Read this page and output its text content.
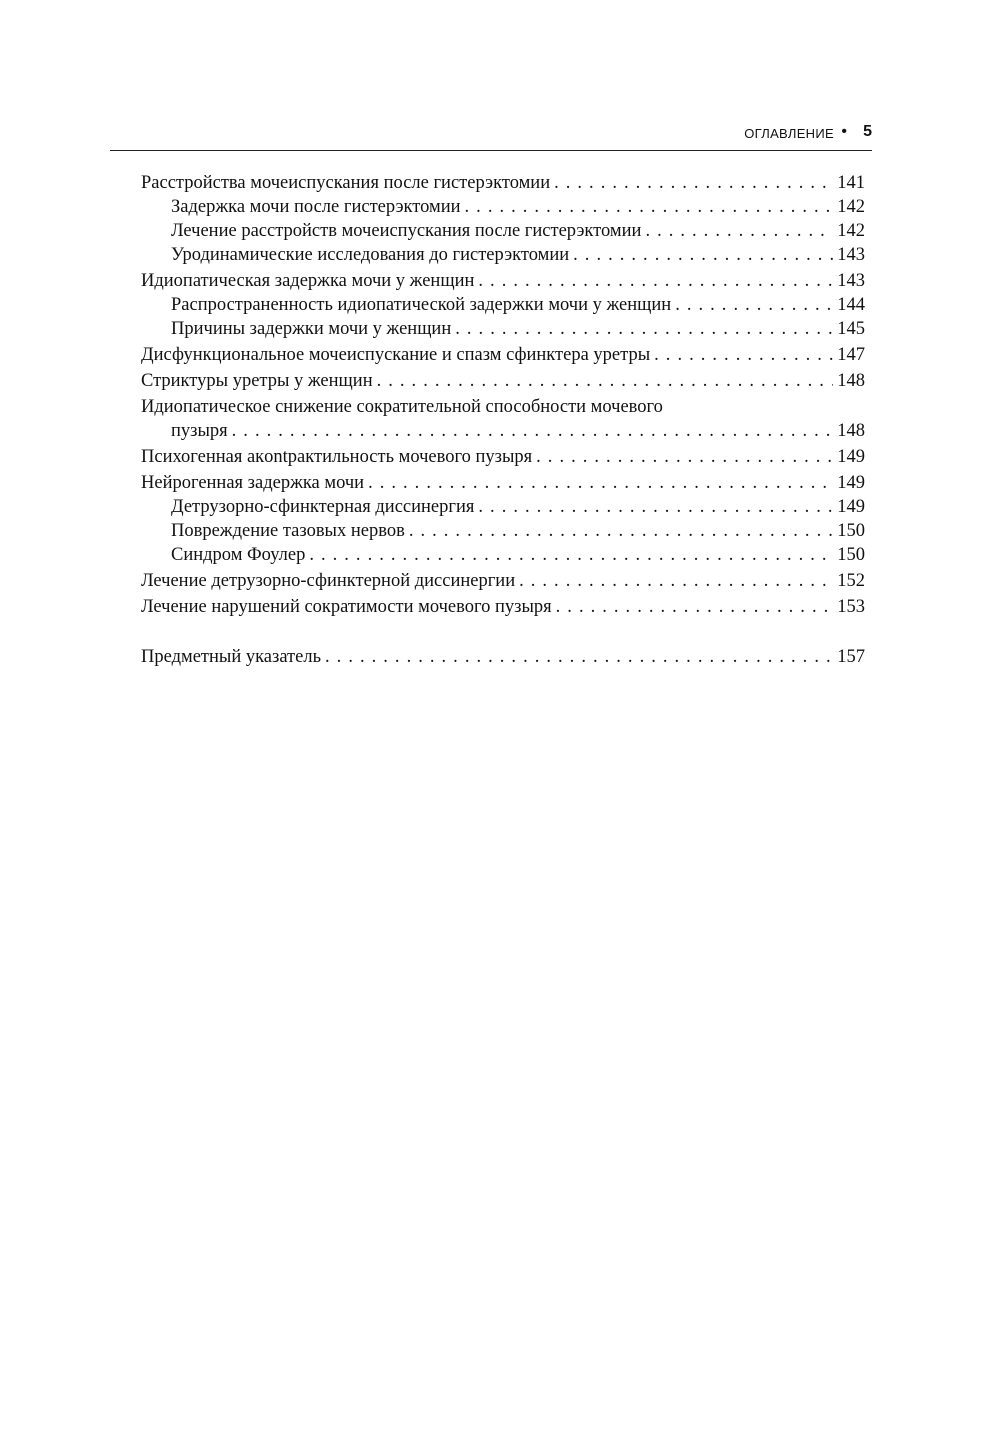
ОГЛАВЛЕНИЕ • 5
Расстройства мочеиспускания после гистерэктомии . . .	141
Задержка мочи после гистерэктомии . . .	142
Лечение расстройств мочеиспускания после гистерэктомии . . .	142
Уродинамические исследования до гистерэктомии . . .	143
Идиопатическая задержка мочи у женщин . . .	143
Распространенность идиопатической задержки мочи у женщин . . .	144
Причины задержки мочи у женщин . . .	145
Дисфункциональное мочеиспускание и спазм сфинктера уретры . . .	147
Стриктуры уретры у женщин . . .	148
Идиопатическое снижение сократительной способности мочевого
пузыря . . .	148
Психогенная акontрактильность мочевого пузыря . . .	149
Нейрогенная задержка мочи . . .	149
Детрузорно-сфинктерная диссинергия . . .	149
Повреждение тазовых нервов . . .	150
Синдром Фоулер . . .	150
Лечение детрузорно-сфинктерной диссинергии . . .	152
Лечение нарушений сократимости мочевого пузыря . . .	153
Предметный указатель . . .	157
